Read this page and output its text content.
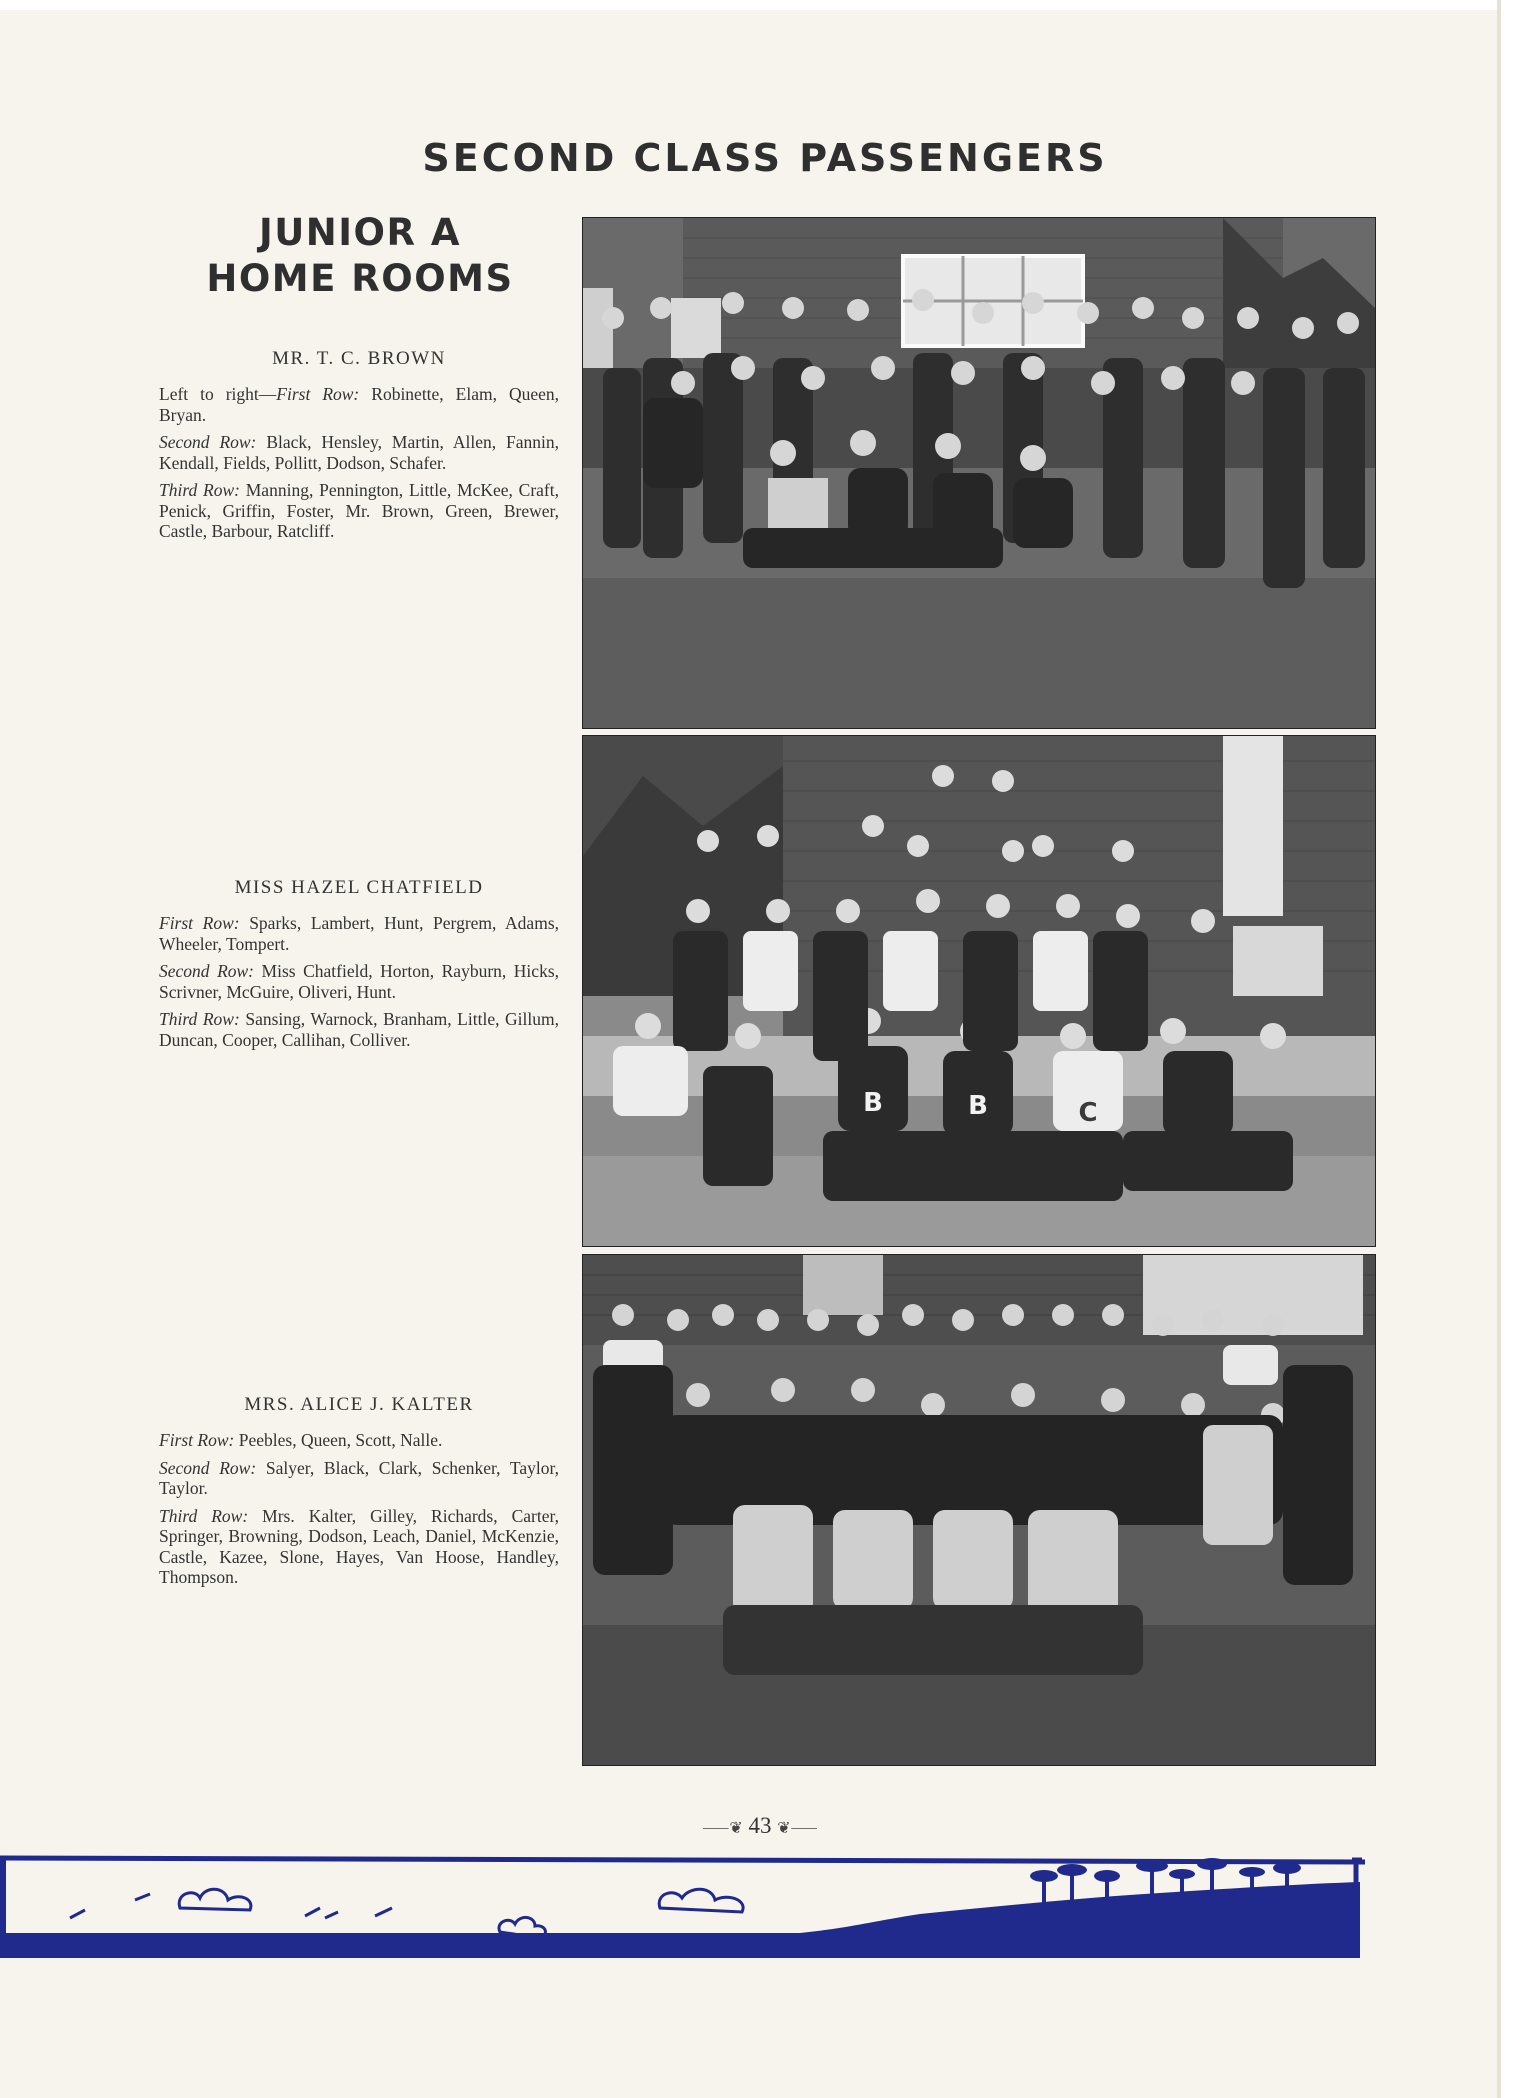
SECOND CLASS PASSENGERS
JUNIOR A
HOME ROOMS
MR. T. C. BROWN

Left to right—First Row: Robinette, Elam, Queen, Bryan.

Second Row: Black, Hensley, Martin, Allen, Fannin, Kendall, Fields, Pollitt, Dodson, Schafer.

Third Row: Manning, Pennington, Little, McKee, Craft, Penick, Griffin, Foster, Mr. Brown, Green, Brewer, Castle, Barbour, Ratcliff.

MISS HAZEL CHATFIELD

First Row: Sparks, Lambert, Hunt, Pergrem, Adams, Wheeler, Tompert.

Second Row: Miss Chatfield, Horton, Rayburn, Hicks, Scrivner, McGuire, Oliveri, Hunt.

Third Row: Sansing, Warnock, Branham, Little, Gillum, Duncan, Cooper, Callihan, Colliver.

MRS. ALICE J. KALTER

First Row: Peebles, Queen, Scott, Nalle.

Second Row: Salyer, Black, Clark, Schenker, Taylor, Taylor.

Third Row: Mrs. Kalter, Gilley, Richards, Carter, Springer, Browning, Dodson, Leach, Daniel, McKenzie, Castle, Kazee, Slone, Hayes, Van Hoose, Handley, Thompson.

B	B	C
⸺❦ 43 ❦⸺
